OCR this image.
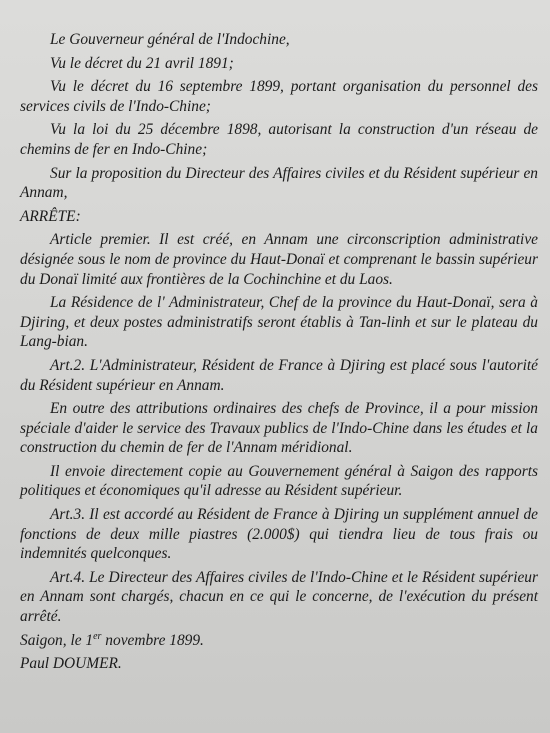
Le Gouverneur général de l'Indochine,

Vu le décret du 21 avril 1891;

Vu le décret du 16 septembre 1899, portant organisation du personnel des services civils de l'Indo-Chine;

Vu la loi du 25 décembre 1898, autorisant la construction d'un réseau de chemins de fer en Indo-Chine;

Sur la proposition du Directeur des Affaires civiles et du Résident supérieur en Annam,

ARRÊTE:

Article premier. Il est créé, en Annam une circonscription administrative désignée sous le nom de province du Haut-Donaï et comprenant le bassin supérieur du Donaï limité aux frontières de la Cochinchine et du Laos.

La Résidence de l' Administrateur, Chef de la province du Haut-Donaï, sera à Djiring, et deux postes administratifs seront établis à Tan-linh et sur le plateau du Lang-bian.

Art.2. L'Administrateur, Résident de France à Djiring est placé sous l'autorité du Résident supérieur en Annam.

En outre des attributions ordinaires des chefs de Province, il a pour mission spéciale d'aider le service des Travaux publics de l'Indo-Chine dans les études et la construction du chemin de fer de l'Annam méridional.

Il envoie directement copie au Gouvernement général à Saigon des rapports politiques et économiques qu'il adresse au Résident supérieur.

Art.3. Il est accordé au Résident de France à Djiring un supplément annuel de fonctions de deux mille piastres (2.000$) qui tiendra lieu de tous frais ou indemnités quelconques.

Art.4. Le Directeur des Affaires civiles de l'Indo-Chine et le Résident supérieur en Annam sont chargés, chacun en ce qui le concerne, de l'exécution du présent arrêté.

Saigon, le 1er novembre 1899.

Paul DOUMER.
